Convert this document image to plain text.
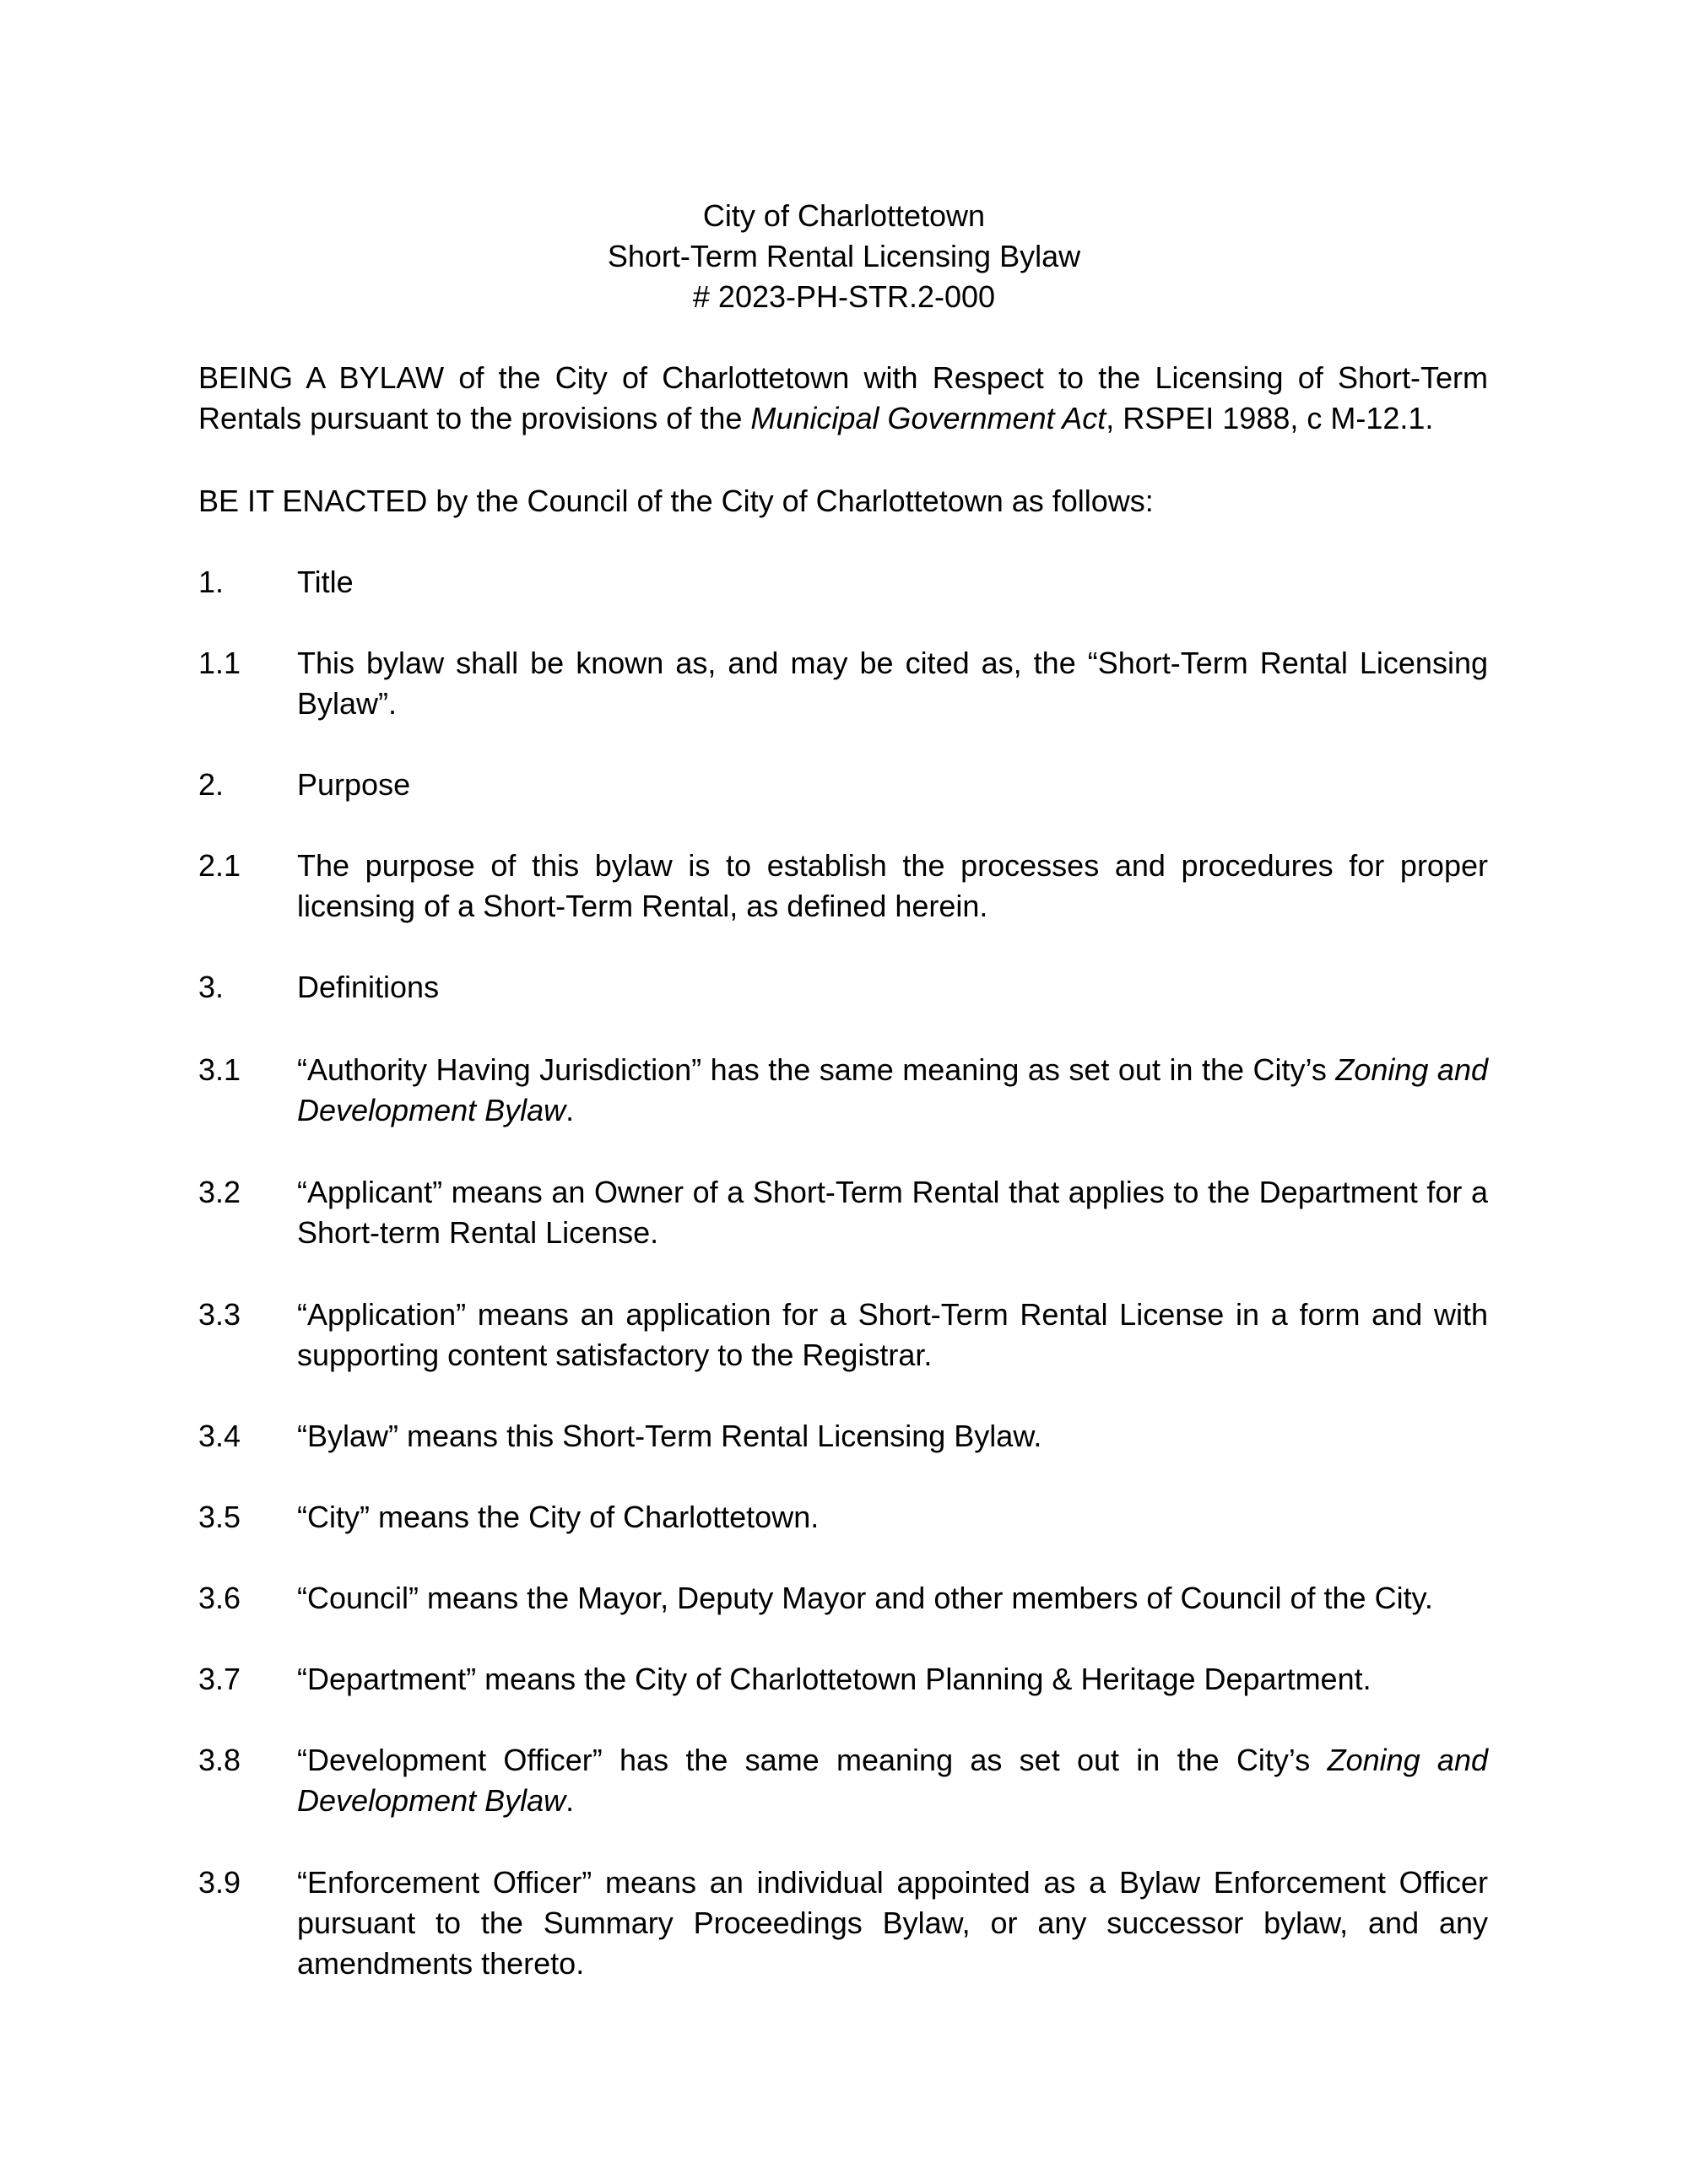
City of Charlottetown
Short-Term Rental Licensing Bylaw
# 2023-PH-STR.2-000
BEING A BYLAW of the City of Charlottetown with Respect to the Licensing of Short-Term Rentals pursuant to the provisions of the Municipal Government Act, RSPEI 1988, c M-12.1.
BE IT ENACTED by the Council of the City of Charlottetown as follows:
1. Title
1.1 This bylaw shall be known as, and may be cited as, the “Short-Term Rental Licensing Bylaw”.
2. Purpose
2.1 The purpose of this bylaw is to establish the processes and procedures for proper licensing of a Short-Term Rental, as defined herein.
3. Definitions
3.1 “Authority Having Jurisdiction” has the same meaning as set out in the City’s Zoning and Development Bylaw.
3.2 “Applicant” means an Owner of a Short-Term Rental that applies to the Department for a Short-term Rental License.
3.3 “Application” means an application for a Short-Term Rental License in a form and with supporting content satisfactory to the Registrar.
3.4 “Bylaw” means this Short-Term Rental Licensing Bylaw.
3.5 “City” means the City of Charlottetown.
3.6 “Council” means the Mayor, Deputy Mayor and other members of Council of the City.
3.7 “Department” means the City of Charlottetown Planning & Heritage Department.
3.8 “Development Officer” has the same meaning as set out in the City’s Zoning and Development Bylaw.
3.9 “Enforcement Officer” means an individual appointed as a Bylaw Enforcement Officer pursuant to the Summary Proceedings Bylaw, or any successor bylaw, and any amendments thereto.
